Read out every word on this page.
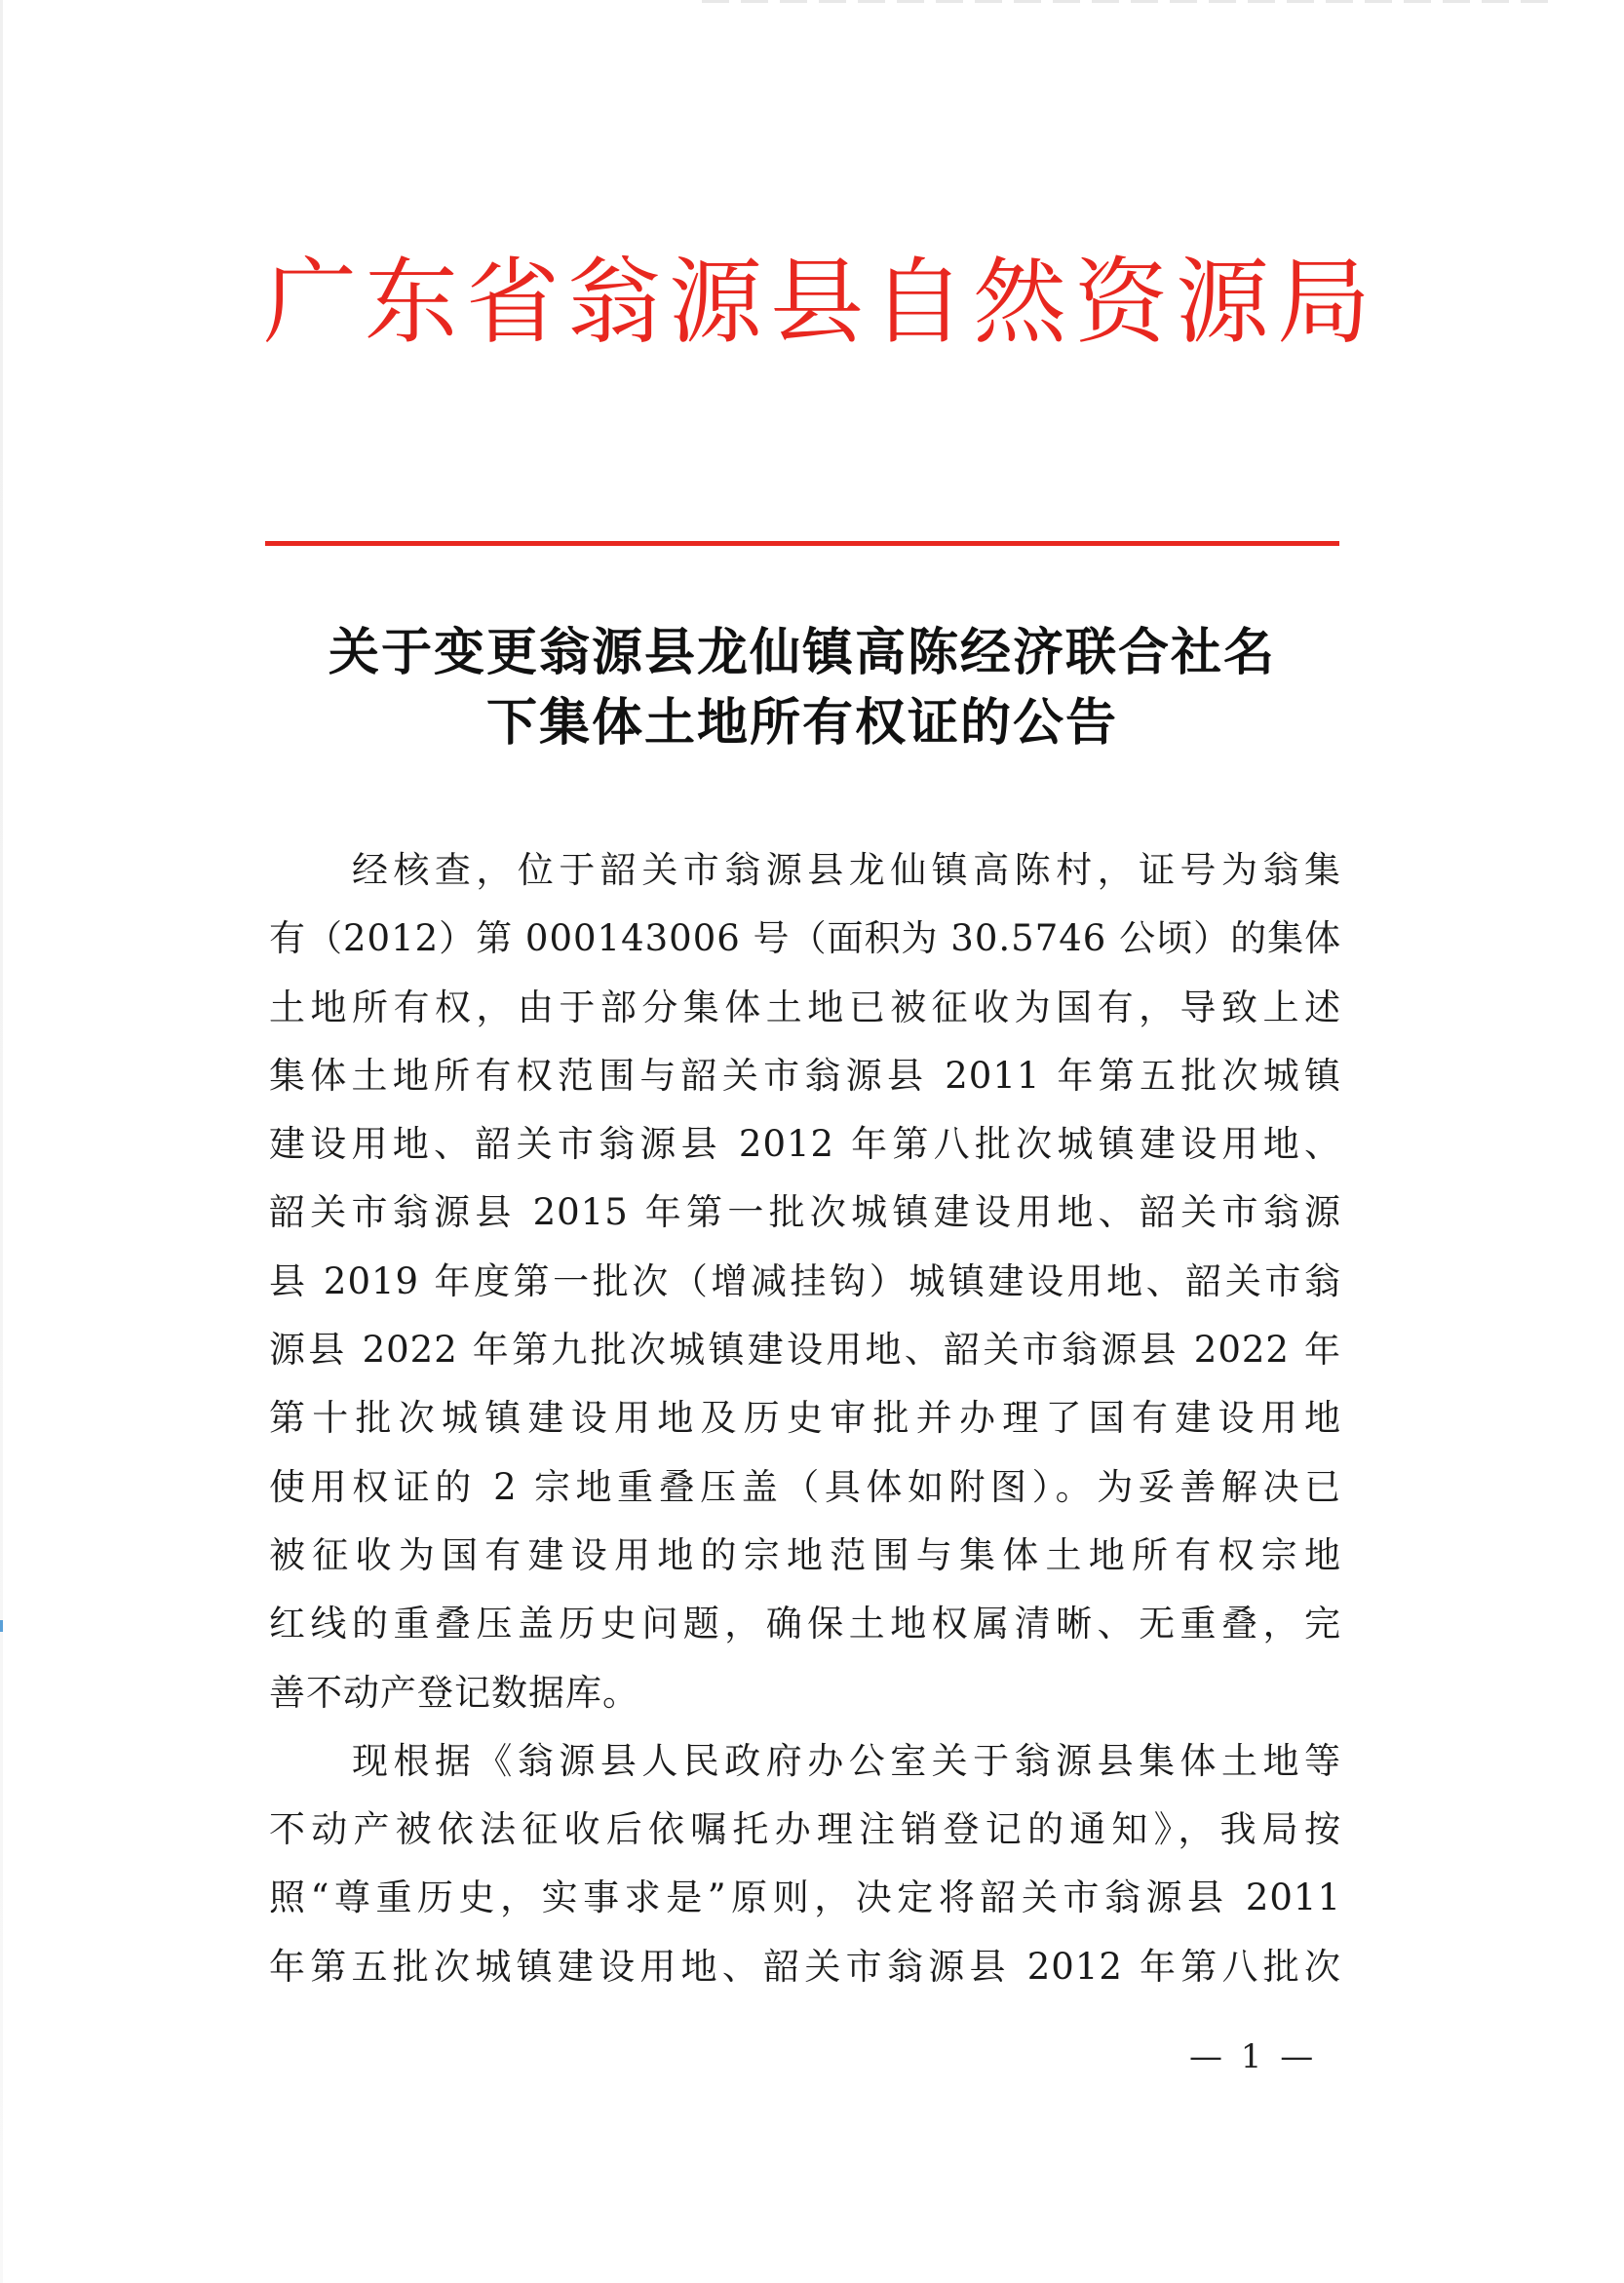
广东省翁源县自然资源局
关于变更翁源县龙仙镇高陈经济联合社名
下集体土地所有权证的公告
　　经核查，位于韶关市翁源县龙仙镇高陈村，证号为翁集
有（2012）第 000143006 号（面积为 30.5746 公顷）的集体
土地所有权，由于部分集体土地已被征收为国有，导致上述
集体土地所有权范围与韶关市翁源县 2011 年第五批次城镇
建设用地、韶关市翁源县 2012 年第八批次城镇建设用地、
韶关市翁源县 2015 年第一批次城镇建设用地、韶关市翁源
县 2019 年度第一批次（增减挂钩）城镇建设用地、韶关市翁
源县 2022 年第九批次城镇建设用地、韶关市翁源县 2022 年
第十批次城镇建设用地及历史审批并办理了国有建设用地
使用权证的 2 宗地重叠压盖（具体如附图）。为妥善解决已
被征收为国有建设用地的宗地范围与集体土地所有权宗地
红线的重叠压盖历史问题，确保土地权属清晰、无重叠，完
善不动产登记数据库。
　　现根据《翁源县人民政府办公室关于翁源县集体土地等
不动产被依法征收后依嘱托办理注销登记的通知》，我局按
照“尊重历史，实事求是”原则，决定将韶关市翁源县 2011
年第五批次城镇建设用地、韶关市翁源县 2012 年第八批次
— 1 —
